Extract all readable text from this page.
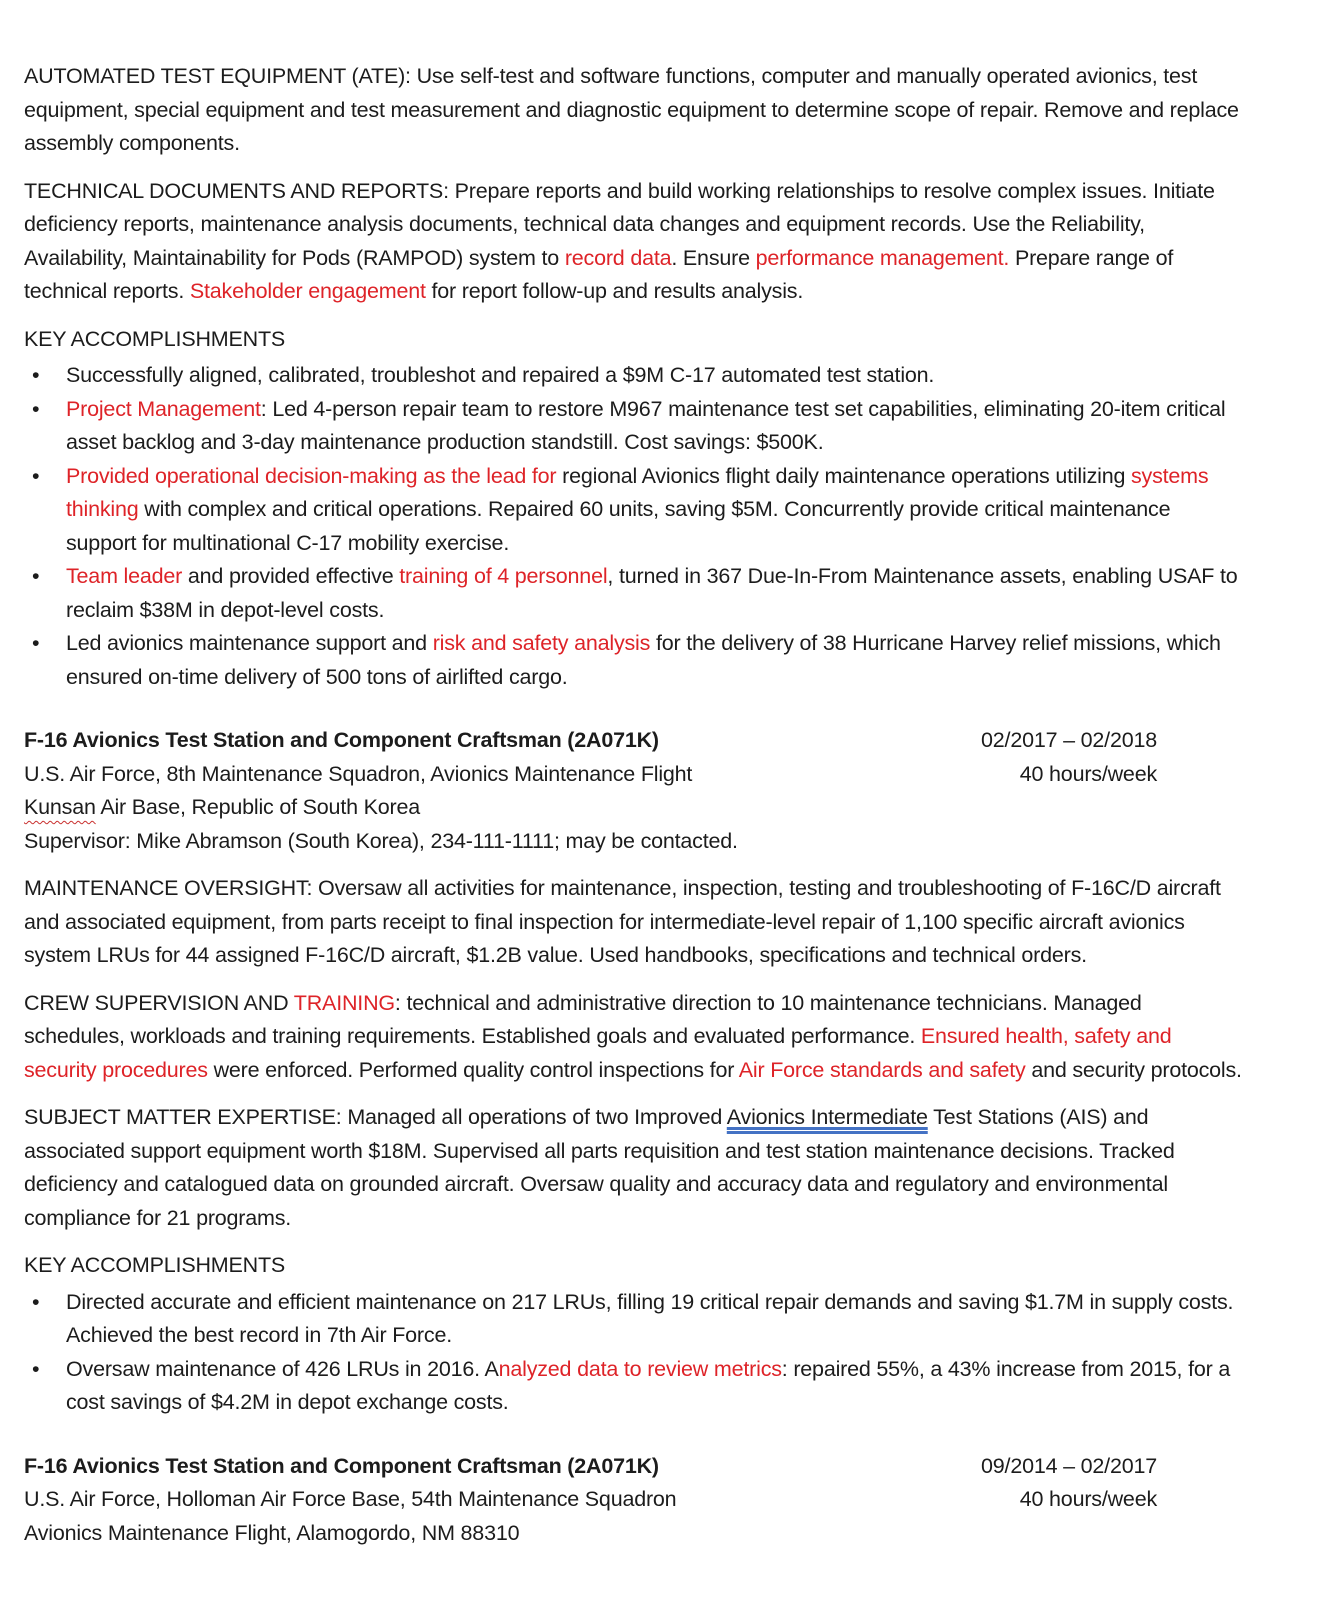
AUTOMATED TEST EQUIPMENT (ATE): Use self-test and software functions, computer and manually operated avionics, test equipment, special equipment and test measurement and diagnostic equipment to determine scope of repair. Remove and replace assembly components.

TECHNICAL DOCUMENTS AND REPORTS: Prepare reports and build working relationships to resolve complex issues. Initiate deficiency reports, maintenance analysis documents, technical data changes and equipment records. Use the Reliability, Availability, Maintainability for Pods (RAMPOD) system to record data. Ensure performance management. Prepare range of technical reports. Stakeholder engagement for report follow-up and results analysis.

KEY ACCOMPLISHMENTS

•	Successfully aligned, calibrated, troubleshot and repaired a $9M C-17 automated test station.
•	Project Management: Led 4-person repair team to restore M967 maintenance test set capabilities, eliminating 20-item critical asset backlog and 3-day maintenance production standstill. Cost savings: $500K.
•	Provided operational decision-making as the lead for regional Avionics flight daily maintenance operations utilizing systems thinking with complex and critical operations. Repaired 60 units, saving $5M. Concurrently provide critical maintenance support for multinational C-17 mobility exercise.
•	Team leader and provided effective training of 4 personnel, turned in 367 Due-In-From Maintenance assets, enabling USAF to reclaim $38M in depot-level costs.
•	Led avionics maintenance support and risk and safety analysis for the delivery of 38 Hurricane Harvey relief missions, which ensured on-time delivery of 500 tons of airlifted cargo.
F-16 Avionics Test Station and Component Craftsman (2A071K)	02/2017 – 02/2018
U.S. Air Force, 8th Maintenance Squadron, Avionics Maintenance Flight	40 hours/week
Kunsan Air Base, Republic of South Korea
Supervisor: Mike Abramson (South Korea), 234-111-1111; may be contacted.

MAINTENANCE OVERSIGHT: Oversaw all activities for maintenance, inspection, testing and troubleshooting of F-16C/D aircraft and associated equipment, from parts receipt to final inspection for intermediate-level repair of 1,100 specific aircraft avionics system LRUs for 44 assigned F-16C/D aircraft, $1.2B value. Used handbooks, specifications and technical orders.

CREW SUPERVISION AND TRAINING: technical and administrative direction to 10 maintenance technicians. Managed schedules, workloads and training requirements. Established goals and evaluated performance. Ensured health, safety and security procedures were enforced. Performed quality control inspections for Air Force standards and safety and security protocols.

SUBJECT MATTER EXPERTISE: Managed all operations of two Improved Avionics Intermediate Test Stations (AIS) and associated support equipment worth $18M. Supervised all parts requisition and test station maintenance decisions. Tracked deficiency and catalogued data on grounded aircraft. Oversaw quality and accuracy data and regulatory and environmental compliance for 21 programs.

KEY ACCOMPLISHMENTS

•	Directed accurate and efficient maintenance on 217 LRUs, filling 19 critical repair demands and saving $1.7M in supply costs. Achieved the best record in 7th Air Force.
•	Oversaw maintenance of 426 LRUs in 2016. Analyzed data to review metrics: repaired 55%, a 43% increase from 2015, for a cost savings of $4.2M in depot exchange costs.
F-16 Avionics Test Station and Component Craftsman (2A071K)	09/2014 – 02/2017
U.S. Air Force, Holloman Air Force Base, 54th Maintenance Squadron	40 hours/week
Avionics Maintenance Flight, Alamogordo, NM 88310
